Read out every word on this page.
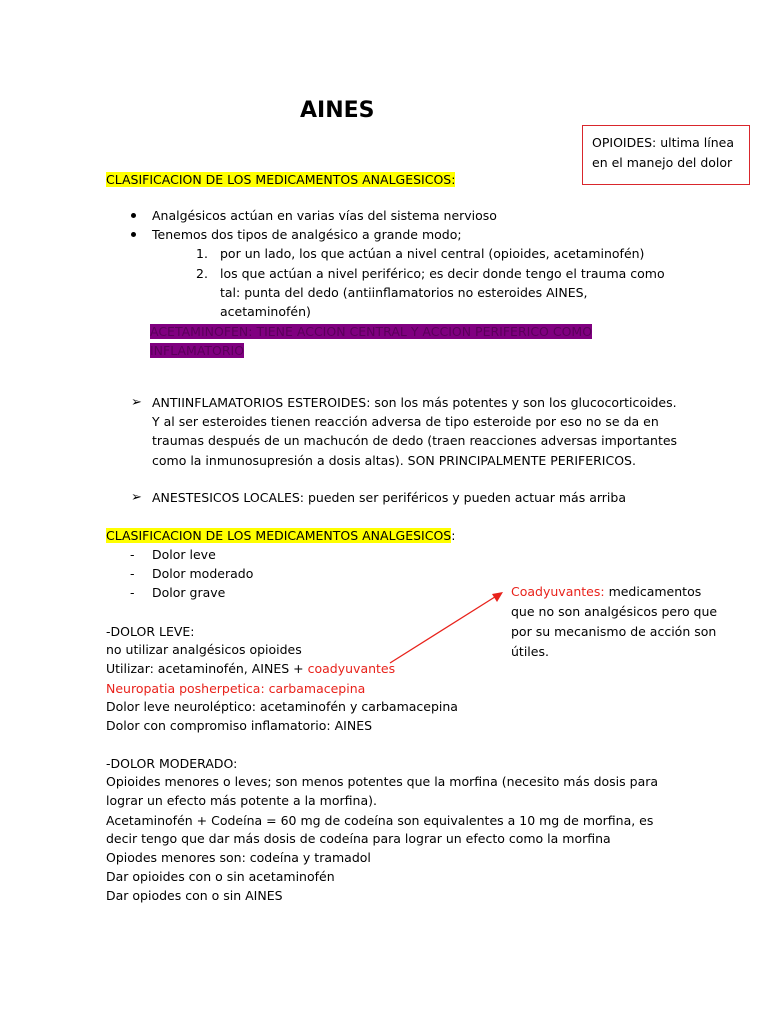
AINES
OPIOIDES: ultima línea
en el manejo del dolor
CLASIFICACION DE LOS MEDICAMENTOS ANALGESICOS:
Analgésicos actúan en varias vías del sistema nervioso
Tenemos dos tipos de analgésico a grande modo;
1. por un lado, los que actúan a nivel central (opioides, acetaminofén)
2. los que actúan a nivel periférico; es decir donde tengo el trauma como
tal: punta del dedo (antiinflamatorios no esteroides AINES,
acetaminofén)
ACETAMINOFEN: TIENE ACCION CENTRAL Y ACCION PERIFERICO COMO
INFLAMATORIO
➢ ANTIINFLAMATORIOS ESTEROIDES: son los más potentes y son los glucocorticoides.
Y al ser esteroides tienen reacción adversa de tipo esteroide por eso no se da en
traumas después de un machucón de dedo (traen reacciones adversas importantes
como la inmunosupresión a dosis altas). SON PRINCIPALMENTE PERIFERICOS.
➢ ANESTESICOS LOCALES: pueden ser periféricos y pueden actuar más arriba
CLASIFICACION DE LOS MEDICAMENTOS ANALGESICOS:
- Dolor leve
- Dolor moderado
- Dolor grave	Coadyuvantes: medicamentos
que no son analgésicos pero que
por su mecanismo de acción son
útiles.
-DOLOR LEVE:
no utilizar analgésicos opioides
Utilizar: acetaminofén, AINES + coadyuvantes
Neuropatia posherpetica: carbamacepina
Dolor leve neuroléptico: acetaminofén y carbamacepina
Dolor con compromiso inflamatorio: AINES
-DOLOR MODERADO:
Opioides menores o leves; son menos potentes que la morfina (necesito más dosis para
lograr un efecto más potente a la morfina).
Acetaminofén + Codeína = 60 mg de codeína son equivalentes a 10 mg de morfina, es
decir tengo que dar más dosis de codeína para lograr un efecto como la morfina
Opiodes menores son: codeína y tramadol
Dar opioides con o sin acetaminofén
Dar opiodes con o sin AINES
